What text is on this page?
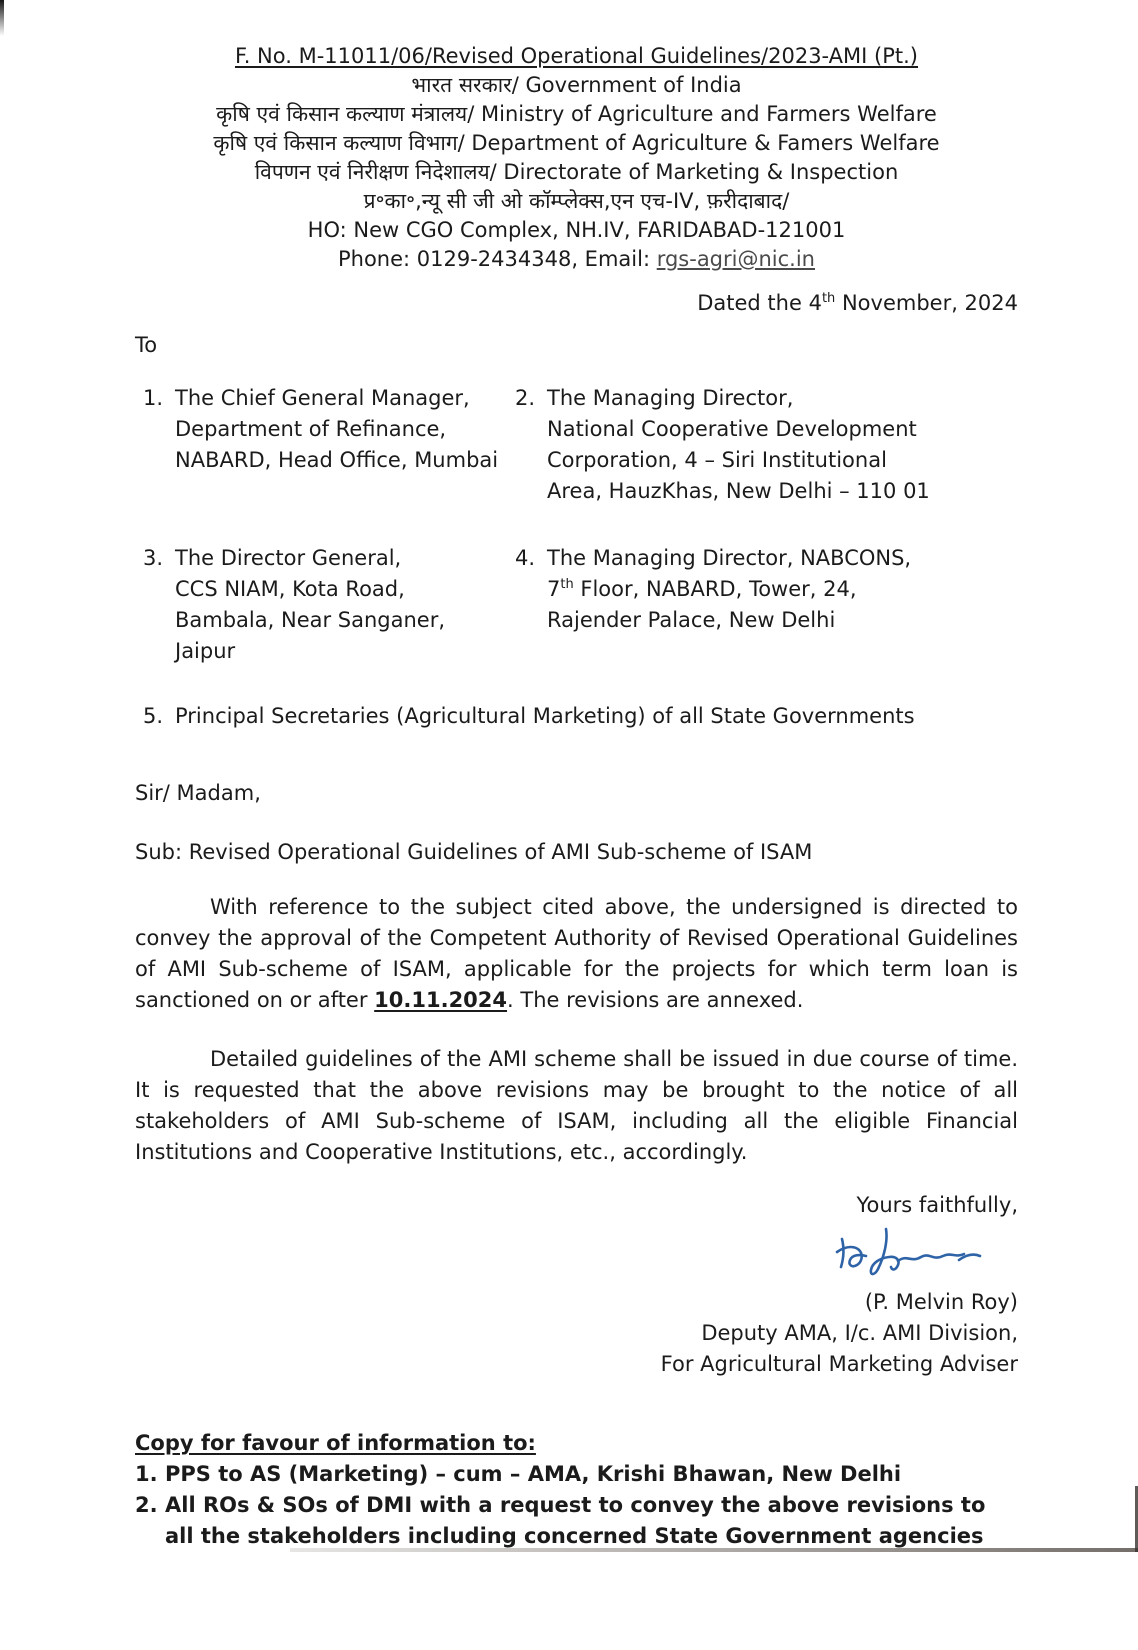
F. No. M-11011/06/Revised Operational Guidelines/2023-AMI (Pt.)
भारत सरकार/ Government of India
कृषि एवं किसान कल्याण मंत्रालय/ Ministry of Agriculture and Farmers Welfare
कृषि एवं किसान कल्याण विभाग/ Department of Agriculture & Famers Welfare
विपणन एवं निरीक्षण निदेशालय/ Directorate of Marketing & Inspection
प्र॰का॰,न्यू सी जी ओ कॉम्प्लेक्स,एन एच-IV, फ़रीदाबाद/
HO: New CGO Complex, NH.IV, FARIDABAD-121001
Phone: 0129-2434348, Email: rgs-agri@nic.in
Dated the 4th November, 2024
To
1. The Chief General Manager,
Department of Refinance,
NABARD, Head Office, Mumbai
2. The Managing Director,
National Cooperative Development
Corporation, 4 – Siri Institutional
Area, HauzKhas, New Delhi – 110 01
3. The Director General,
CCS NIAM, Kota Road,
Bambala, Near Sanganer,
Jaipur
4. The Managing Director, NABCONS,
7th Floor, NABARD, Tower, 24,
Rajender Palace, New Delhi
5. Principal Secretaries (Agricultural Marketing) of all State Governments
Sir/ Madam,
Sub: Revised Operational Guidelines of AMI Sub-scheme of ISAM

With reference to the subject cited above, the undersigned is directed to convey the approval of the Competent Authority of Revised Operational Guidelines of AMI Sub-scheme of ISAM, applicable for the projects for which term loan is sanctioned on or after 10.11.2024. The revisions are annexed.

Detailed guidelines of the AMI scheme shall be issued in due course of time. It is requested that the above revisions may be brought to the notice of all stakeholders of AMI Sub-scheme of ISAM, including all the eligible Financial Institutions and Cooperative Institutions, etc., accordingly.

Yours faithfully,
(P. Melvin Roy)
Deputy AMA, I/c. AMI Division,
For Agricultural Marketing Adviser
Copy for favour of information to:
1. PPS to AS (Marketing) – cum – AMA, Krishi Bhawan, New Delhi
2. All ROs & SOs of DMI with a request to convey the above revisions to all the stakeholders including concerned State Government agencies
